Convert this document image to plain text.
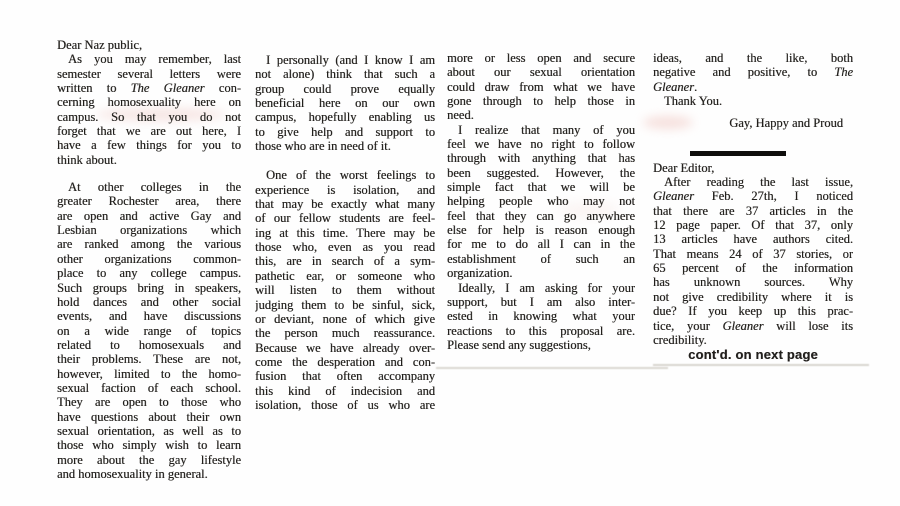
Dear Naz public,
As you may remember, last
semester several letters were
written to The Gleaner con-
cerning homosexuality here on
campus. So that you do not
forget that we are out here, I
have a few things for you to
think about.
At other colleges in the
greater Rochester area, there
are open and active Gay and
Lesbian organizations which
are ranked among the various
other organizations common-
place to any college campus.
Such groups bring in speakers,
hold dances and other social
events, and have discussions
on a wide range of topics
related to homosexuals and
their problems. These are not,
however, limited to the homo-
sexual faction of each school.
They are open to those who
have questions about their own
sexual orientation, as well as to
those who simply wish to learn
more about the gay lifestyle
and homosexuality in general.
I personally (and I know I am
not alone) think that such a
group could prove equally
beneficial here on our own
campus, hopefully enabling us
to give help and support to
those who are in need of it.
One of the worst feelings to
experience is isolation, and
that may be exactly what many
of our fellow students are feel-
ing at this time. There may be
those who, even as you read
this, are in search of a sym-
pathetic ear, or someone who
will listen to them without
judging them to be sinful, sick,
or deviant, none of which give
the person much reassurance.
Because we have already over-
come the desperation and con-
fusion that often accompany
this kind of indecision and
isolation, those of us who are
more or less open and secure
about our sexual orientation
could draw from what we have
gone through to help those in
need.
I realize that many of you
feel we have no right to follow
through with anything that has
been suggested. However, the
simple fact that we will be
helping people who may not
feel that they can go anywhere
else for help is reason enough
for me to do all I can in the
establishment of such an
organization.
Ideally, I am asking for your
support, but I am also inter-
ested in knowing what your
reactions to this proposal are.
Please send any suggestions,
ideas, and the like, both
negative and positive, to The
Gleaner.
Thank You.
Gay, Happy and Proud
Dear Editor,
After reading the last issue,
Gleaner Feb. 27th, I noticed
that there are 37 articles in the
12 page paper. Of that 37, only
13 articles have authors cited.
That means 24 of 37 stories, or
65 percent of the information
has unknown sources. Why
not give credibility where it is
due? If you keep up this prac-
tice, your Gleaner will lose its
credibility.
cont'd. on next page
